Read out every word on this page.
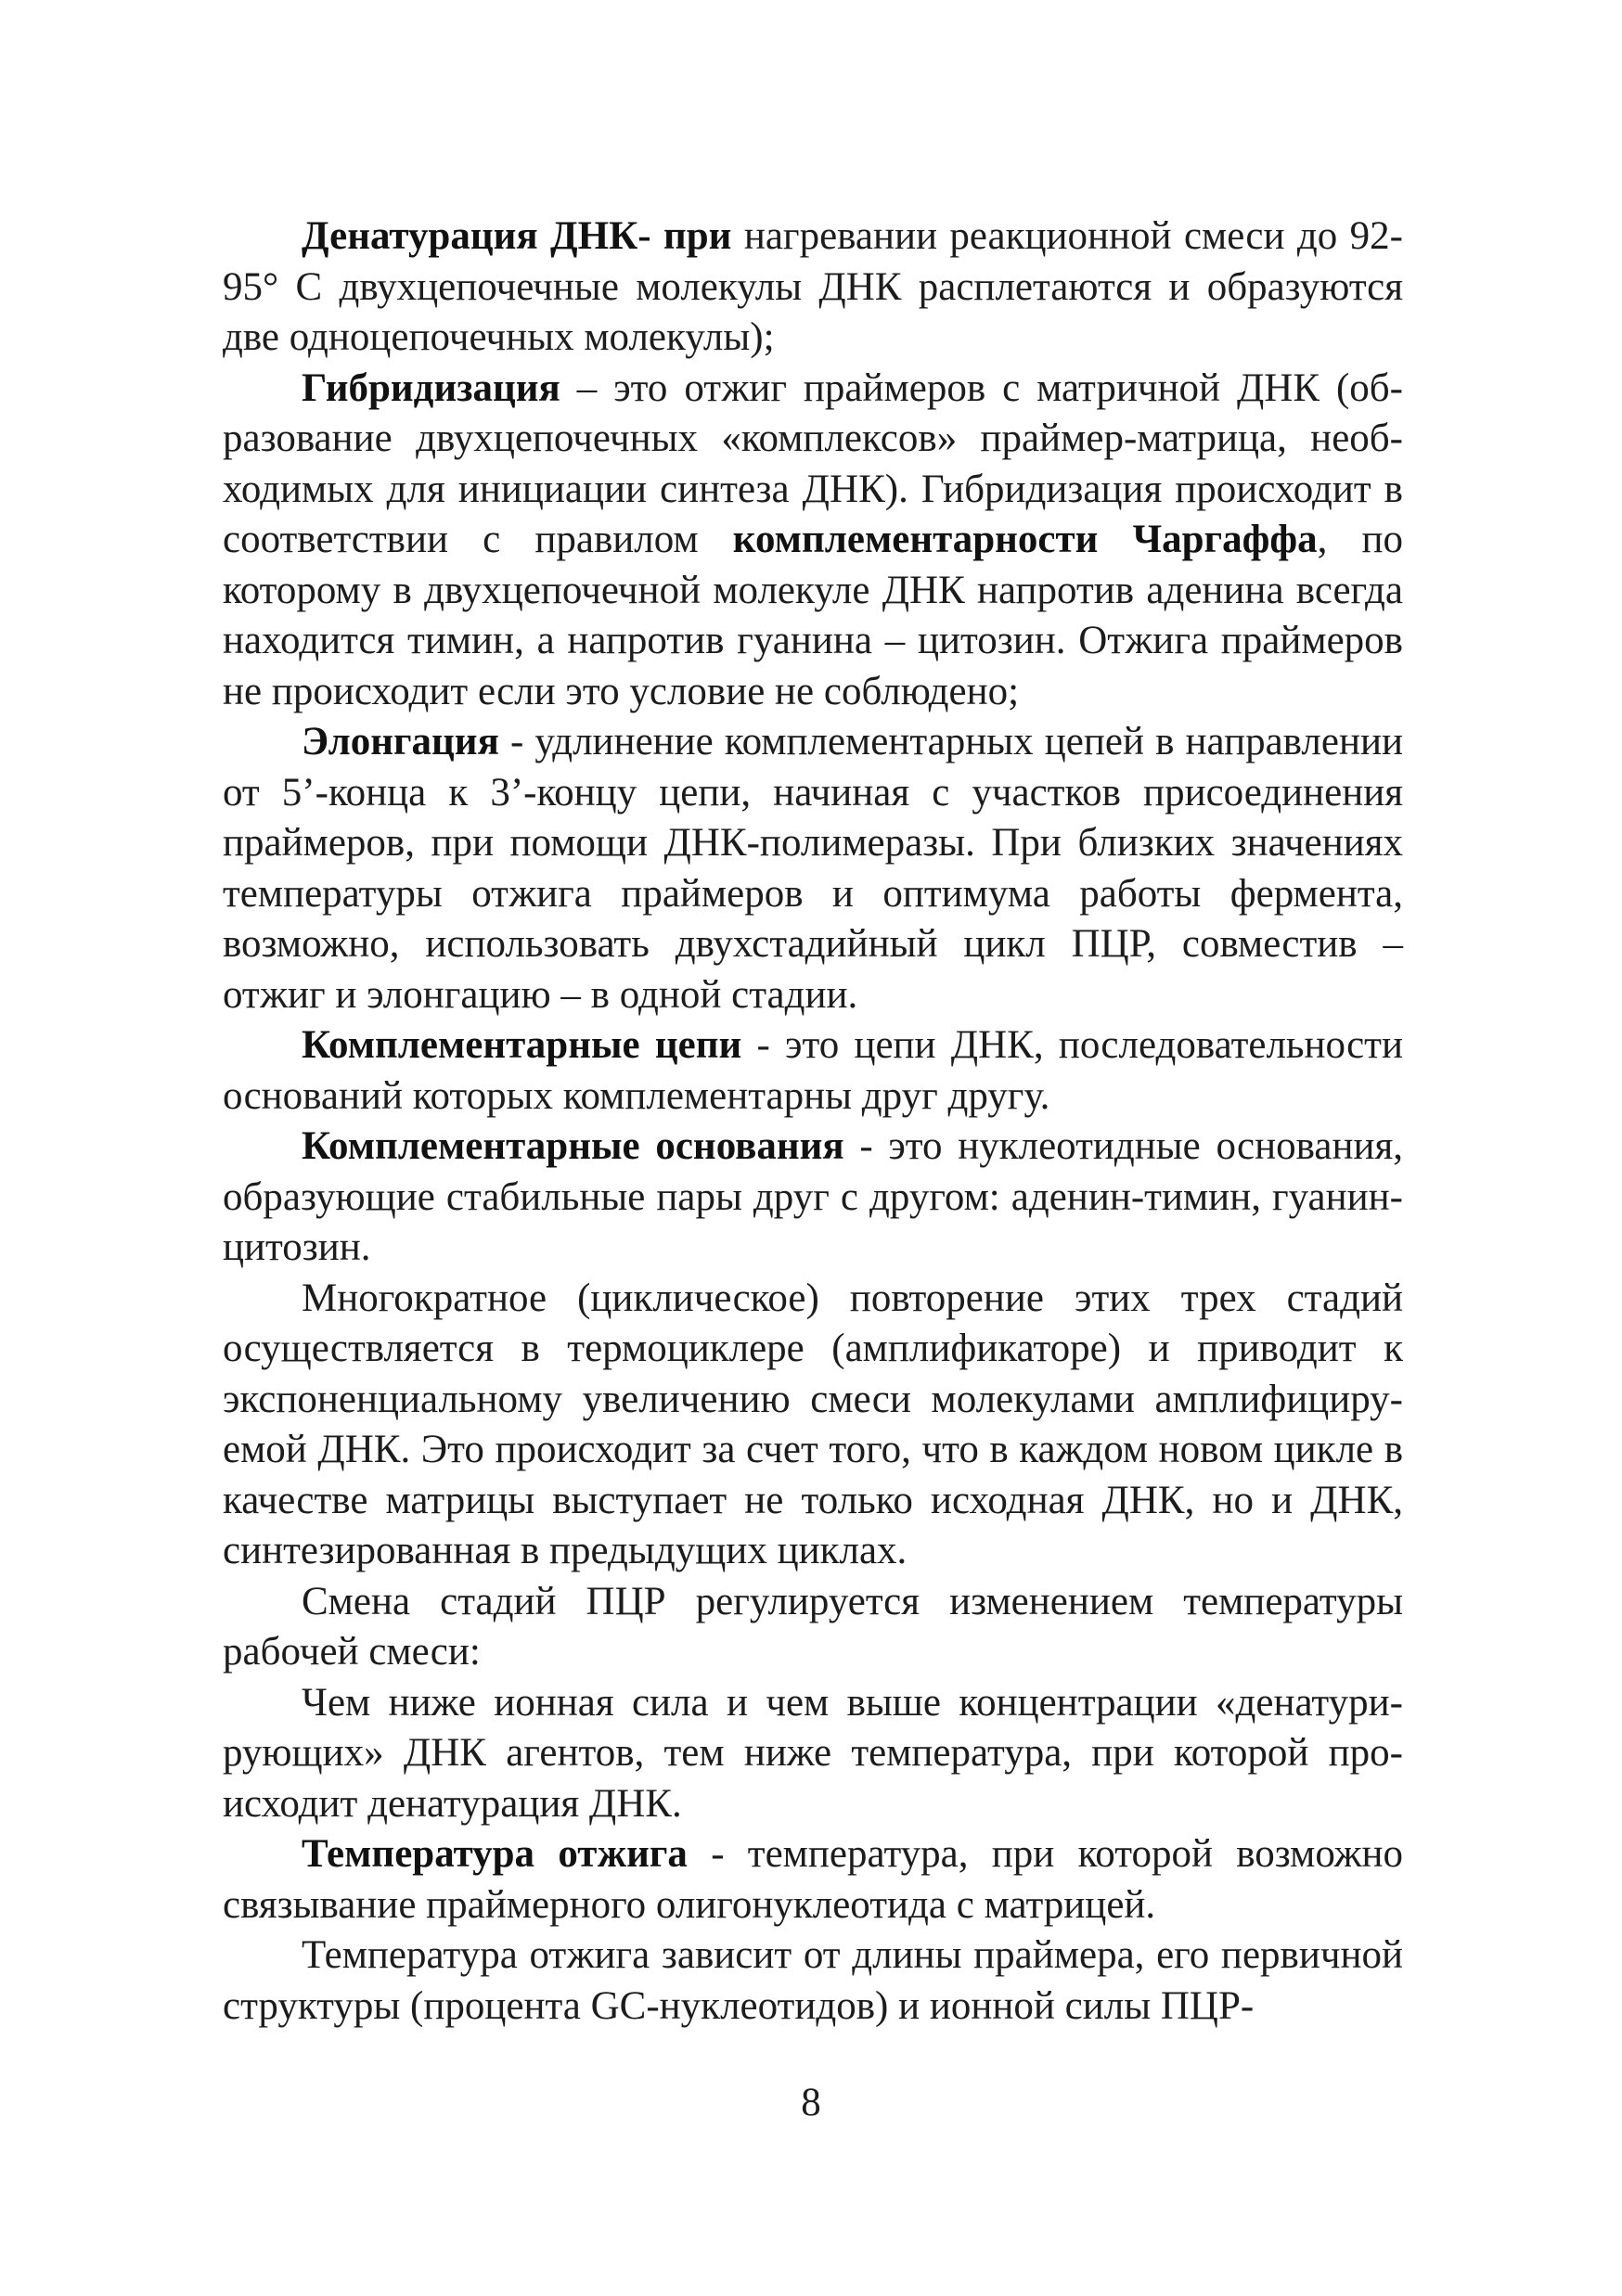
Денатурация ДНК- при нагревании реакционной смеси до 92-95° С двухцепочечные молекулы ДНК расплетаются и образуются две одноцепочечных молекулы);

Гибридизация – это отжиг праймеров с матричной ДНК (образование двухцепочечных «комплексов» праймер-матрица, необходимых для инициации синтеза ДНК). Гибридизация происходит в соответствии с правилом комплементарности Чаргаффа, по которому в двухцепочечной молекуле ДНК напротив аденина всегда находится тимин, а напротив гуанина – цитозин. Отжига праймеров не происходит если это условие не соблюдено;

Элонгация - удлинение комплементарных цепей в направлении от 5’-конца к 3’-концу цепи, начиная с участков присоединения праймеров, при помощи ДНК-полимеразы. При близких значениях температуры отжига праймеров и оптимума работы фермента, возможно, использовать двухстадийный цикл ПЦР, совместив – отжиг и элонгацию – в одной стадии.

Комплементарные цепи - это цепи ДНК, последовательности оснований которых комплементарны друг другу.

Комплементарные основания - это нуклеотидные основания, образующие стабильные пары друг с другом: аденин-тимин, гуанин-цитозин.

Многократное (циклическое) повторение этих трех стадий осуществляется в термоциклере (амплификаторе) и приводит к экспоненциальному увеличению смеси молекулами амплифицируемой ДНК. Это происходит за счет того, что в каждом новом цикле в качестве матрицы выступает не только исходная ДНК, но и ДНК, синтезированная в предыдущих циклах.

Смена стадий ПЦР регулируется изменением температуры рабочей смеси:

Чем ниже ионная сила и чем выше концентрации «денатурирующих» ДНК агентов, тем ниже температура, при которой происходит денатурация ДНК.

Температура отжига - температура, при которой возможно связывание праймерного олигонуклеотида с матрицей.

Температура отжига зависит от длины праймера, его первичной структуры (процента GC-нуклеотидов) и ионной силы ПЦР-

8
